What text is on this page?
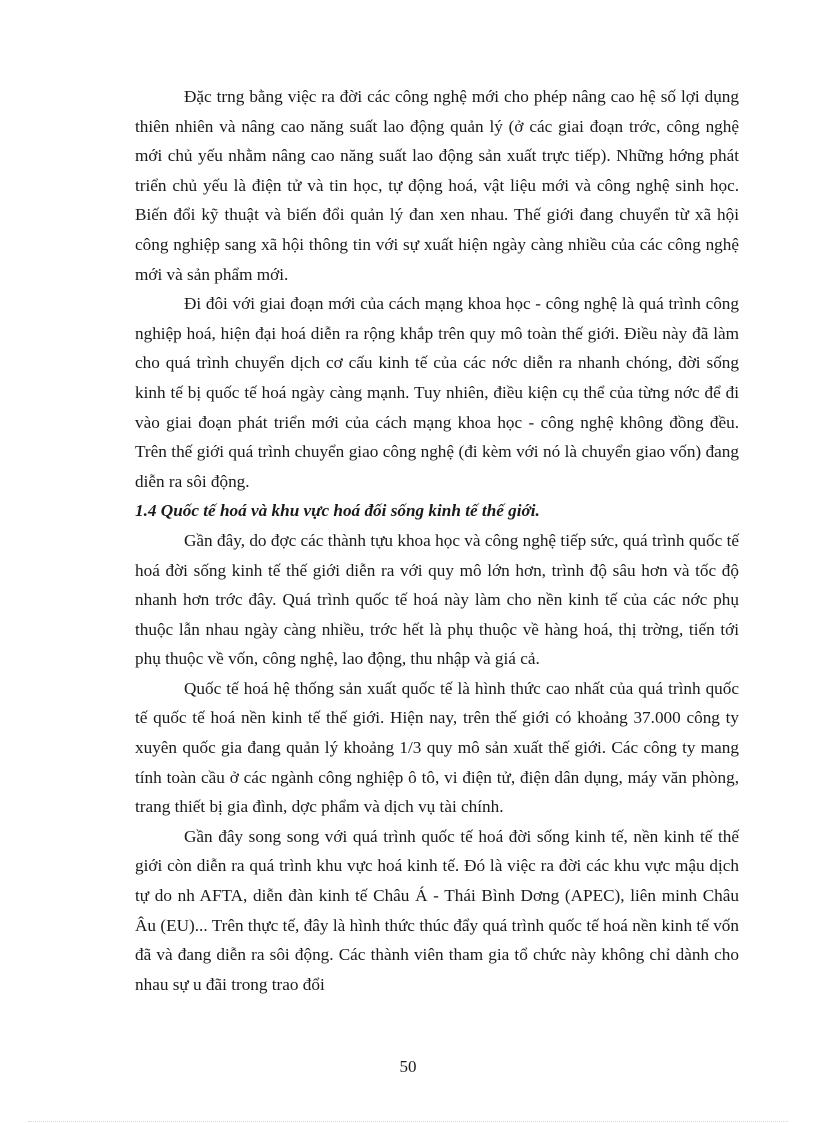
Đặc trng bằng việc ra đời các công nghệ mới cho phép nâng cao hệ số lợi dụng thiên nhiên và nâng cao năng suất lao động quản lý (ở các giai đoạn trớc, công nghệ mới chủ yếu nhằm nâng cao năng suất lao động sản xuất trực tiếp). Những hớng phát triển chủ yếu là điện tử và tin học, tự động hoá, vật liệu mới và công nghệ sinh học. Biến đổi kỹ thuật và biến đổi quản lý đan xen nhau. Thế giới đang chuyển từ xã hội công nghiệp sang xã hội thông tin với sự xuất hiện ngày càng nhiều của các công nghệ mới và sản phẩm mới.

Đi đôi với giai đoạn mới của cách mạng khoa học - công nghệ là quá trình công nghiệp hoá, hiện đại hoá diễn ra rộng khắp trên quy mô toàn thế giới. Điều này đã làm cho quá trình chuyển dịch cơ cấu kinh tế của các nớc diễn ra nhanh chóng, đời sống kinh tế bị quốc tế hoá ngày càng mạnh. Tuy nhiên, điều kiện cụ thể của từng nớc để đi vào giai đoạn phát triển mới của cách mạng khoa học - công nghệ không đồng đều. Trên thế giới quá trình chuyển giao công nghệ (đi kèm với nó là chuyển giao vốn) đang diễn ra sôi động.

1.4 Quốc tế hoá và khu vực hoá đối sống kinh tế thế giới.

Gần đây, do đợc các thành tựu khoa học và công nghệ tiếp sức, quá trình quốc tế hoá đời sống kinh tế thế giới diễn ra với quy mô lớn hơn, trình độ sâu hơn và tốc độ nhanh hơn trớc đây. Quá trình quốc tế hoá này làm cho nền kinh tế của các nớc phụ thuộc lẫn nhau ngày càng nhiều, trớc hết là phụ thuộc về hàng hoá, thị trờng, tiến tới phụ thuộc về vốn, công nghệ, lao động, thu nhập và giá cả.

Quốc tế hoá hệ thống sản xuất quốc tế là hình thức cao nhất của quá trình quốc tế quốc tế hoá nền kinh tế thế giới. Hiện nay, trên thế giới có khoảng 37.000 công ty xuyên quốc gia đang quản lý khoảng 1/3 quy mô sản xuất thế giới. Các công ty mang tính toàn cầu ở các ngành công nghiệp ô tô, vi điện tử, điện dân dụng, máy văn phòng, trang thiết bị gia đình, dợc phẩm và dịch vụ tài chính.

Gần đây song song với quá trình quốc tế hoá đời sống kinh tế, nền kinh tế thế giới còn diễn ra quá trình khu vực hoá kinh tế. Đó là việc ra đời các khu vực mậu dịch tự do nh AFTA, diễn đàn kinh tế Châu Á - Thái Bình Dơng (APEC), liên minh Châu Âu (EU)... Trên thực tế, đây là hình thức thúc đẩy quá trình quốc tế hoá nền kinh tế vốn đã và đang diễn ra sôi động. Các thành viên tham gia tổ chức này không chỉ dành cho nhau sự u đãi trong trao đổi

50
